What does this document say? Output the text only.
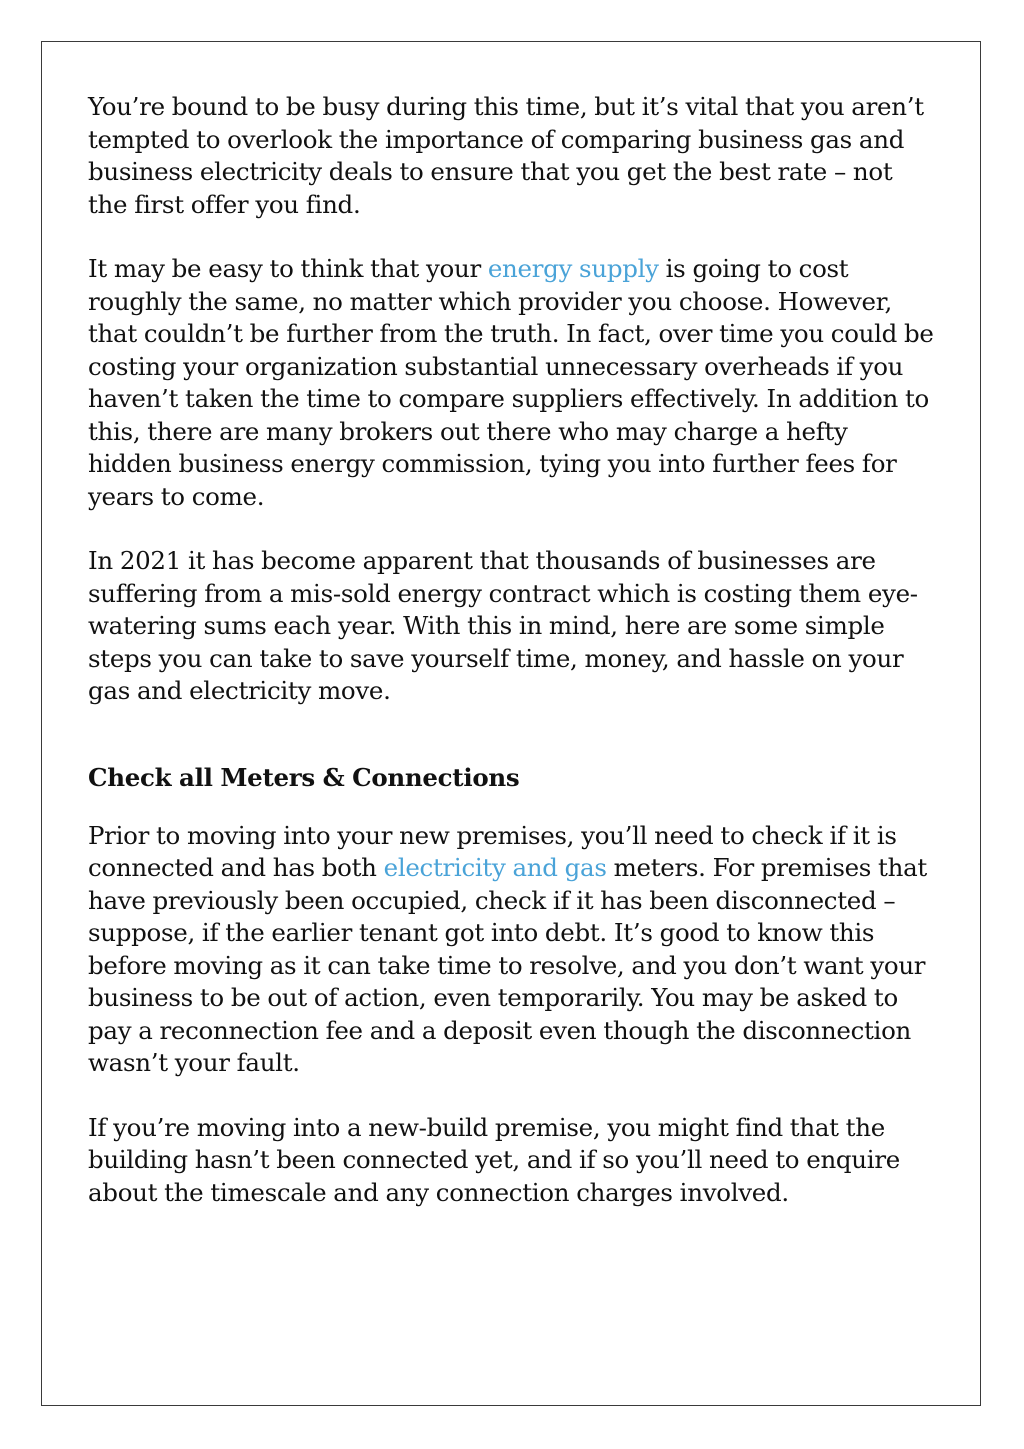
You’re bound to be busy during this time, but it’s vital that you aren’t tempted to overlook the importance of comparing business gas and business electricity deals to ensure that you get the best rate – not the first offer you find.

It may be easy to think that your energy supply is going to cost roughly the same, no matter which provider you choose. However, that couldn’t be further from the truth. In fact, over time you could be costing your organization substantial unnecessary overheads if you haven’t taken the time to compare suppliers effectively. In addition to this, there are many brokers out there who may charge a hefty hidden business energy commission, tying you into further fees for years to come.

In 2021 it has become apparent that thousands of businesses are suffering from a mis-sold energy contract which is costing them eye-watering sums each year. With this in mind, here are some simple steps you can take to save yourself time, money, and hassle on your gas and electricity move.

Check all Meters & Connections

Prior to moving into your new premises, you’ll need to check if it is connected and has both electricity and gas meters. For premises that have previously been occupied, check if it has been disconnected – suppose, if the earlier tenant got into debt. It’s good to know this before moving as it can take time to resolve, and you don’t want your business to be out of action, even temporarily. You may be asked to pay a reconnection fee and a deposit even though the disconnection wasn’t your fault.

If you’re moving into a new-build premise, you might find that the building hasn’t been connected yet, and if so you’ll need to enquire about the timescale and any connection charges involved.
